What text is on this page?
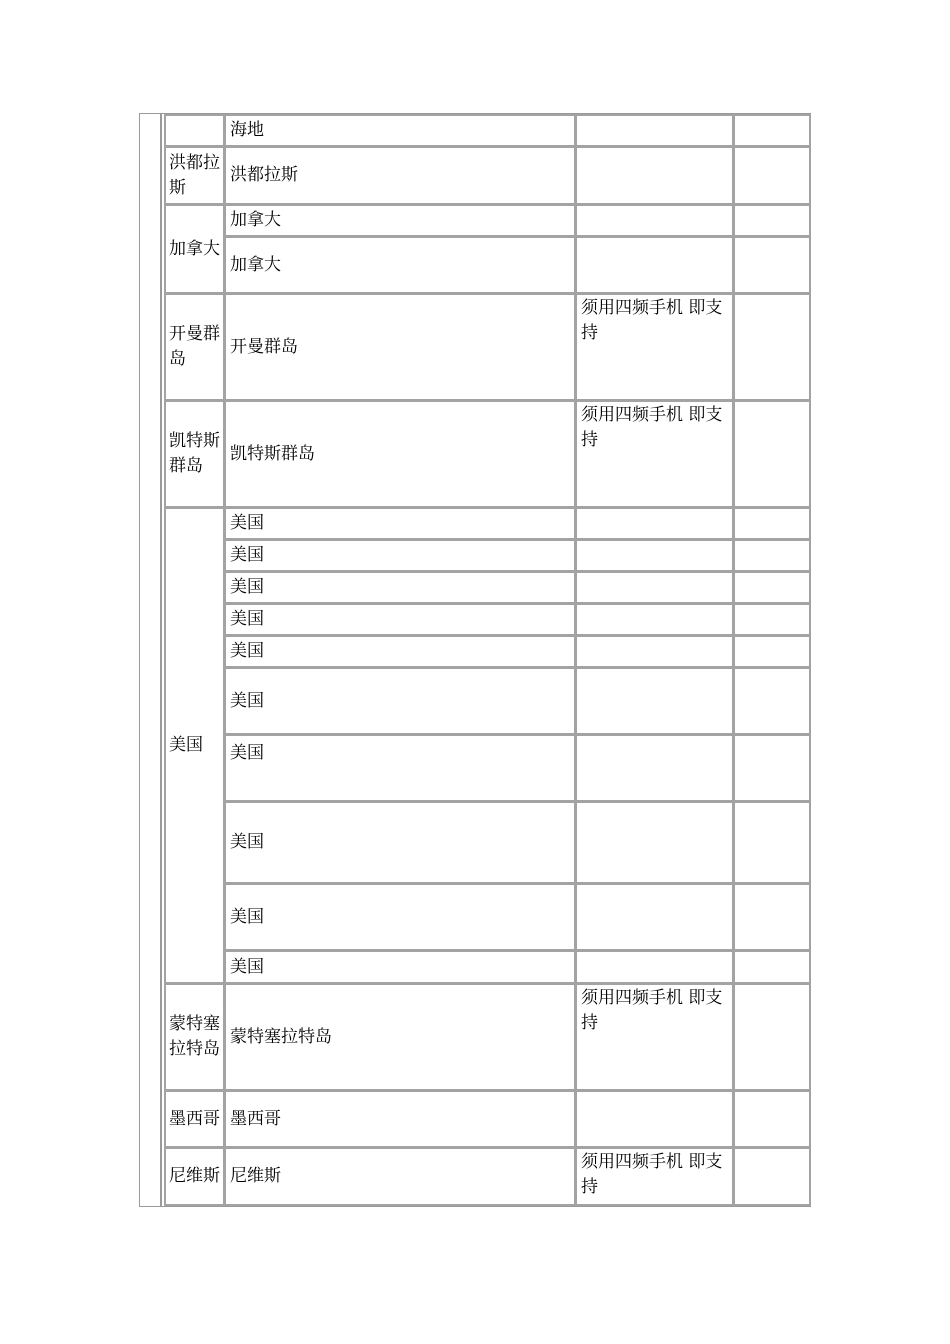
海地
洪都拉斯
洪都拉斯
加拿大
加拿大
加拿大
开曼群岛
开曼群岛
须用四频手机 即支持
凯特斯群岛
凯特斯群岛
须用四频手机 即支持
美国
美国
美国
美国
美国
美国
美国
美国
美国
美国
美国
蒙特塞拉特岛
蒙特塞拉特岛
须用四频手机 即支持
墨西哥 墨西哥
尼维斯 尼维斯
须用四频手机 即支持
